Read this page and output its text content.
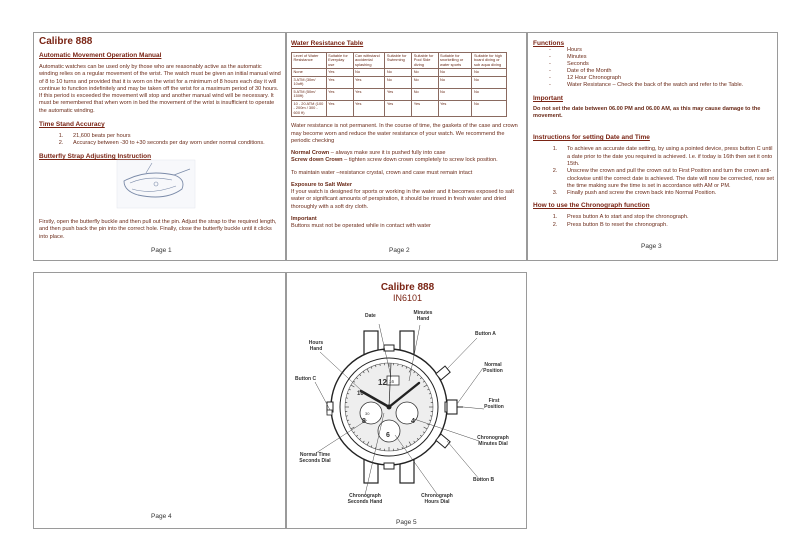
Calibre 888

Automatic Movement Operation Manual

Automatic watches can be used only by those who are reasonably active as the automatic winding relies on a regular movement of the wrist. The watch must be given an initial manual wind of 8 to 10 turns and provided that it is worn on the wrist for a minimum of 8 hours each day it will continue to function indefinitely and may be taken off the wrist for a maximum period of 30 hours. If this period is exceeded the movement will stop and another manual wind will be necessary. It must be remembered that when worn in bed the movement of the wrist is insufficient to operate the automatic winding.

Time Stand Accuracy

1. 21,600 beats per hours
2. Accuracy between -30 to +30 seconds per day worn under normal conditions.

Butterfly Strap Adjusting Instruction

Firstly, open the butterfly buckle and then pull out the pin. Adjust the strap to the required length, and then push back the pin into the correct hole. Finally, close the butterfly buckle until it clicks into place.

Page 1

Water Resistance Table

Level of Water Resistance	Suitable for Everyday use	Can withstand accidental splashing	Suitable for Swimming	Suitable for Pool Side diving	Suitable for snorkelling or water sports	Suitable for high board diving or sub aqua diving
None	Yes	No	No	No	No	No
3 ATM (30m/ 10oft)	Yes	Yes	No	No	No	No
5 ATM (50m/ 150ft)	Yes	Yes	Yes	No	No	No
10 - 20 ATM (100 - 200m / 300 - 600 ft)	Yes	Yes	Yes	Yes	Yes	No

Water resistance is not permanent. In the course of time, the gaskets of the case and crown may become worn and reduce the water resistance of your watch. We recommend the periodic checking

Normal Crown – always make sure it is pushed fully into case

Screw down Crown – tighten screw down crown completely to screw lock position.

To maintain water –resistance crystal, crown and case must remain intact

Exposure to Salt Water

If your watch is designed for sports or working in the water and it becomes exposed to salt water or significant amounts of perspiration, it should be rinsed in fresh water and dried thoroughly with a soft dry cloth.

Important

Buttons must not be operated while in contact with water

Page 2

Functions

- Hours
- Minutes
- Seconds
- Date of the Month
- 12 Hour Chronograph
- Water Resistance – Check the back of the watch and refer to the Table.

Important

Do not set the date between 06.00 PM and 06.00 AM, as this may cause damage to the movement.

Instructions for setting Date and Time

1. To achieve an accurate date setting, by using a pointed device, press button C until a date prior to the date you required is achieved. I.e. if today is 16th then set it onto 15th.
2. Unscrew the crown and pull the crown out to First Position and turn the crown anti-clockwise until the correct date is achieved. The date will now be corrected, now set the time making sure the time is set in accordance with AM or PM.
3. Finally push and screw the crown back into Normal Position.

How to use the Chronograph function

1. Press button A to start and stop the chronograph.
2. Press button B to reset the chronograph.
Page 3
Page 4
Calibre 888
IN6101
12
4
6
8
10
30
16
Date	Minutes Hand
Button A
Hours Hand
Normal Position
Button C
First Position
Chronograph Minutes Dial
Normal Time Seconds Dial
Button B
Chronograph Seconds Hand
Chronograph Hours Dial
Page 5
